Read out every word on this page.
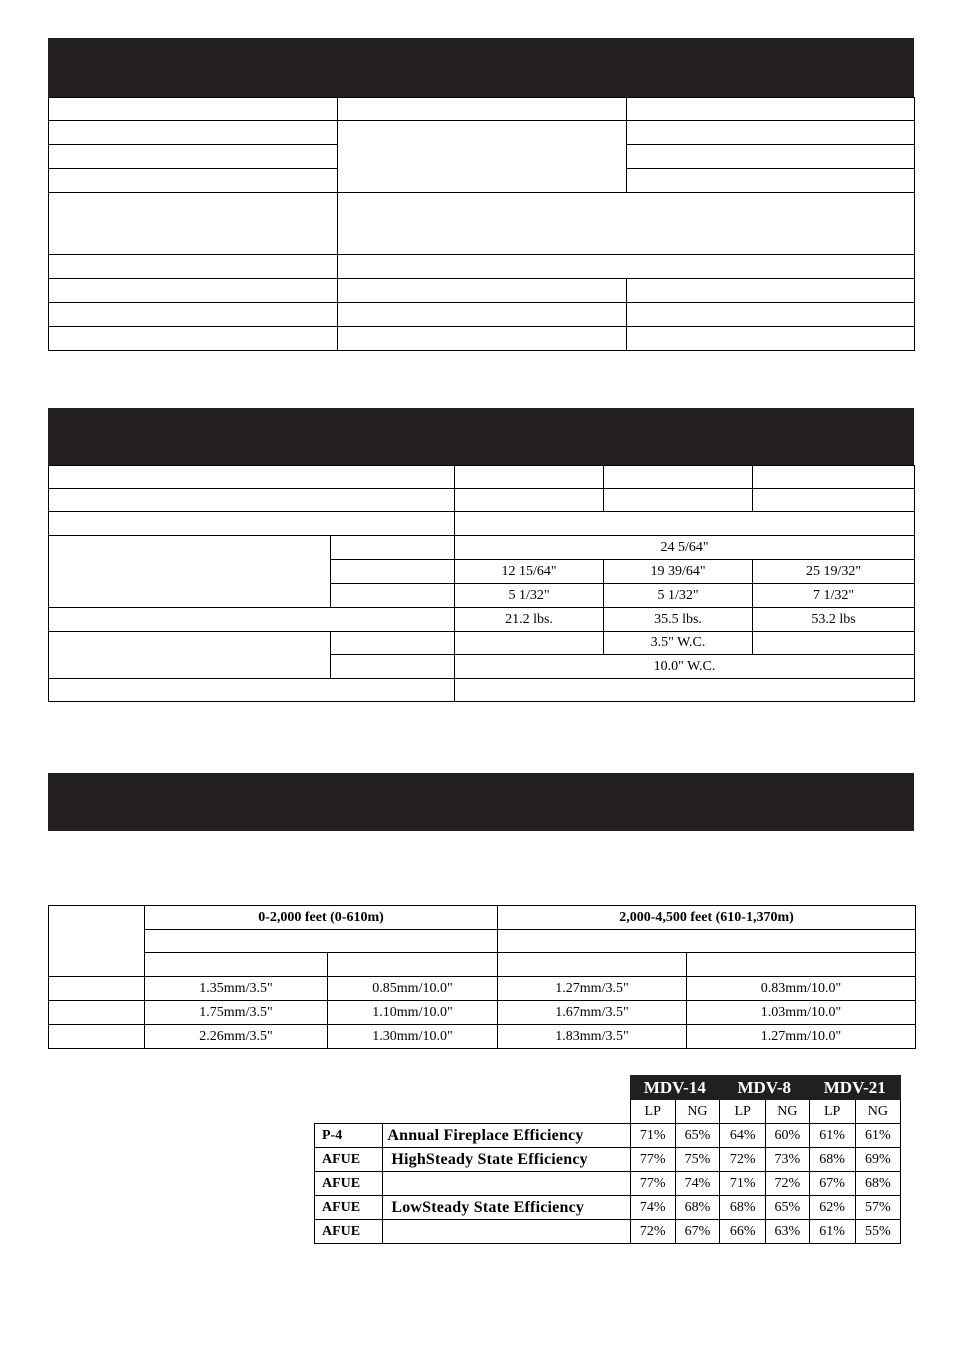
		24 5/64"		
		12 15/64"	19 39/64"	25 19/32"
		5 1/32"	5 1/32"	7 1/32"
		21.2 lbs.	35.5 lbs.	53.2 lbs
			3.5" W.C.	
		10.0" W.C.		

	0-2,000 feet (0-610m)		2,000-4,500 feet (610-1,370m)	

	1.35mm/3.5"	0.85mm/10.0"	1.27mm/3.5"	0.83mm/10.0"
	1.75mm/3.5"	1.10mm/10.0"	1.67mm/3.5"	1.03mm/10.0"
	2.26mm/3.5"	1.30mm/10.0"	1.83mm/3.5"	1.27mm/10.0"
		MDV-14		MDV-8		MDV-21	
		LP	NG	LP	NG	LP	NG
P-4	Annual Fireplace Efficiency	71%	65%	64%	60%	61%	61%
AFUE	HighSteady State Efficiency	77%	75%	72%	73%	68%	69%
AFUE		77%	74%	71%	72%	67%	68%
AFUE	LowSteady State Efficiency	74%	68%	68%	65%	62%	57%
AFUE		72%	67%	66%	63%	61%	55%
